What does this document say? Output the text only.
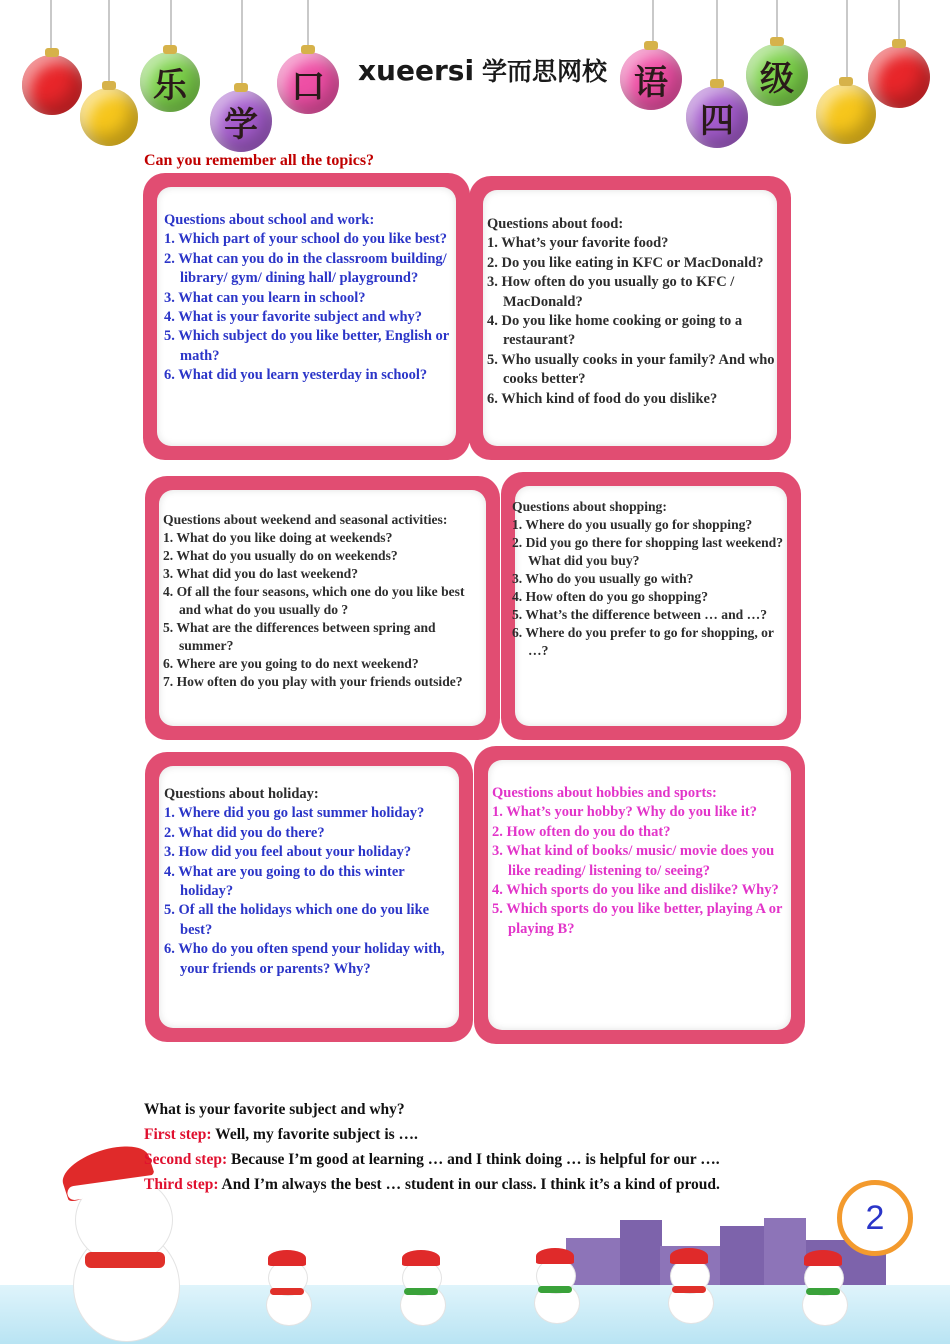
乐
学
口	xueersi 学而思网校 语
四
级
Can you remember all the topics?
Questions about school and work:
1. Which part of your school do you like best?
2. What can you do in the classroom building/ library/ gym/ dining hall/ playground?
3. What can you learn in school?
4. What is your favorite subject and why?
5. Which subject do you like better, English or math?
6. What did you learn yesterday in school?
Questions about food:
1. What’s your favorite food?
2. Do you like eating in KFC or MacDonald?
3. How often do you usually go to KFC / MacDonald?
4. Do you like home cooking or going to a restaurant?
5. Who usually cooks in your family? And who cooks better?
6. Which kind of food do you dislike?
Questions about weekend and seasonal activities:
1. What do you like doing at weekends?
2. What do you usually do on weekends?
3. What did you do last weekend?
4. Of all the four seasons, which one do you like best and what do you usually do ?
5. What are the differences between spring and summer?
6. Where are you going to do next weekend?
7. How often do you play with your friends outside?
Questions about shopping:
1. Where do you usually go for shopping?
2. Did you go there for shopping last weekend? What did you buy?
3. Who do you usually go with?
4. How often do you go shopping?
5. What’s the difference between … and …?
6. Where do you prefer to go for shopping, or …?
Questions about holiday:
1. Where did you go last summer holiday?
2. What did you do there?
3. How did you feel about your holiday?
4. What are you going to do this winter holiday?
5. Of all the holidays which one do you like best?
6. Who do you often spend your holiday with, your friends or parents? Why?
Questions about hobbies and sports:
1. What’s your hobby? Why do you like it?
2. How often do you do that?
3. What kind of books/ music/ movie does you like reading/ listening to/ seeing?
4. Which sports do you like and dislike? Why?
5. Which sports do you like better, playing A or playing B?
What is your favorite subject and why?
First step: Well, my favorite subject is ….
Second step: Because I’m good at learning … and I think doing … is helpful for our ….
Third step: And I’m always the best … student in our class. I think it’s a kind of proud.
2
